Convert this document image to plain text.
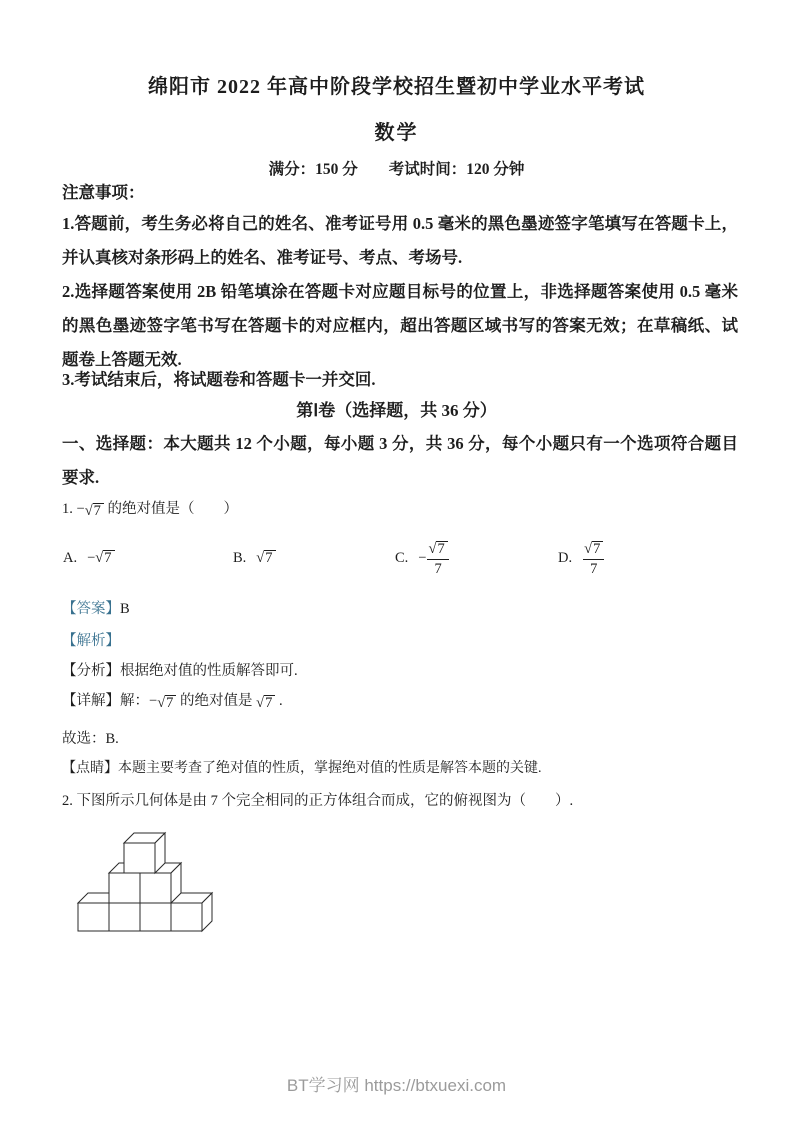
绵阳市 2022 年高中阶段学校招生暨初中学业水平考试
数学
满分：150 分　　考试时间：120 分钟
注意事项：
1.答题前，考生务必将自己的姓名、准考证号用 0.5 毫米的黑色墨迹签字笔填写在答题卡上，并认真核对条形码上的姓名、准考证号、考点、考场号.
2.选择题答案使用 2B 铅笔填涂在答题卡对应题目标号的位置上，非选择题答案使用 0.5 毫米的黑色墨迹签字笔书写在答题卡的对应框内，超出答题区域书写的答案无效；在草稿纸、试题卷上答题无效.
3.考试结束后，将试题卷和答题卡一并交回.
第Ⅰ卷（选择题，共 36 分）
一、选择题：本大题共 12 个小题，每小题 3 分，共 36 分，每个小题只有一个选项符合题目要求.
1. −√7 的绝对值是（　　）
A. − √7	B. √7	C. − $\frac{√7}{7}$	D. $\frac{√7}{7}$
【答案】B
【解析】
【分析】根据绝对值的性质解答即可.
【详解】解：−√7 的绝对值是 √7 .
故选：B.
【点睛】本题主要考查了绝对值的性质，掌握绝对值的性质是解答本题的关键.
2. 下图所示几何体是由 7 个完全相同的正方体组合而成，它的俯视图为（　　）.
BT学习网 https://btxuexi.com
